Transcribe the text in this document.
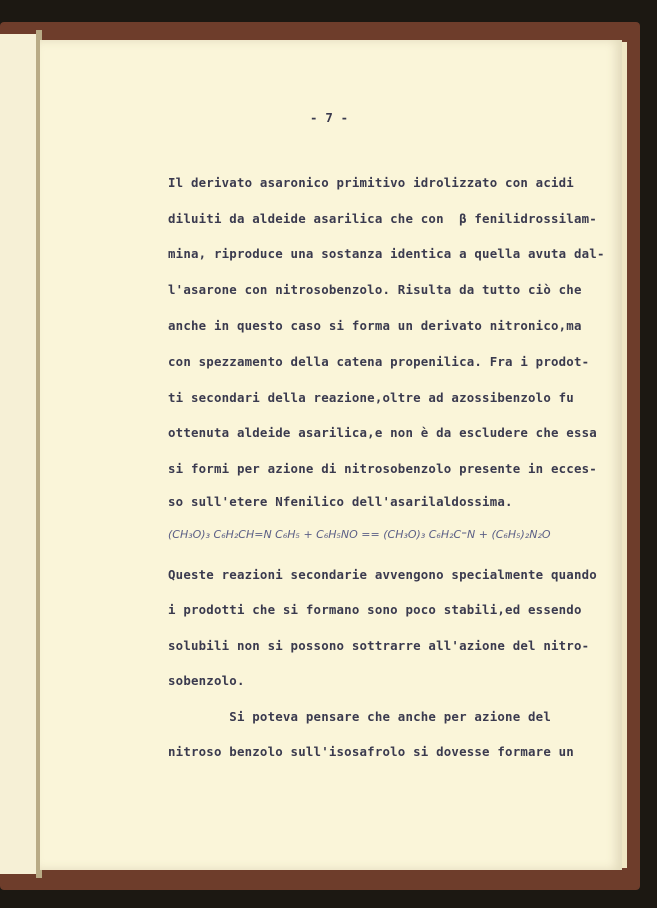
- 7 -
Il derivato asaronico primitivo idrolizzato con acidi
diluiti da aldeide asarilica che con  β fenilidrossilam-
mina, riproduce una sostanza identica a quella avuta dal-
l'asarone con nitrosobenzolo. Risulta da tutto ciò che
anche in questo caso si forma un derivato nitronico,ma
con spezzamento della catena propenilica. Fra i prodot-
ti secondari della reazione,oltre ad azossibenzolo fu
ottenuta aldeide asarilica,e non è da escludere che essa
si formi per azione di nitrosobenzolo presente in ecces-
so sull'etere Nfenilico dell'asarilaldossima.
(CH₃O)₃ C₆H₂CH=N C₆H₅ + C₆H₅NO == (CH₃O)₃ C₆H₂C⁼N + (C₆H₅)₂N₂O
Queste reazioni secondarie avvengono specialmente quando
i prodotti che si formano sono poco stabili,ed essendo
solubili non si possono sottrarre all'azione del nitro-
sobenzolo.
Si poteva pensare che anche per azione del
nitroso benzolo sull'isosafrolo si dovesse formare un
